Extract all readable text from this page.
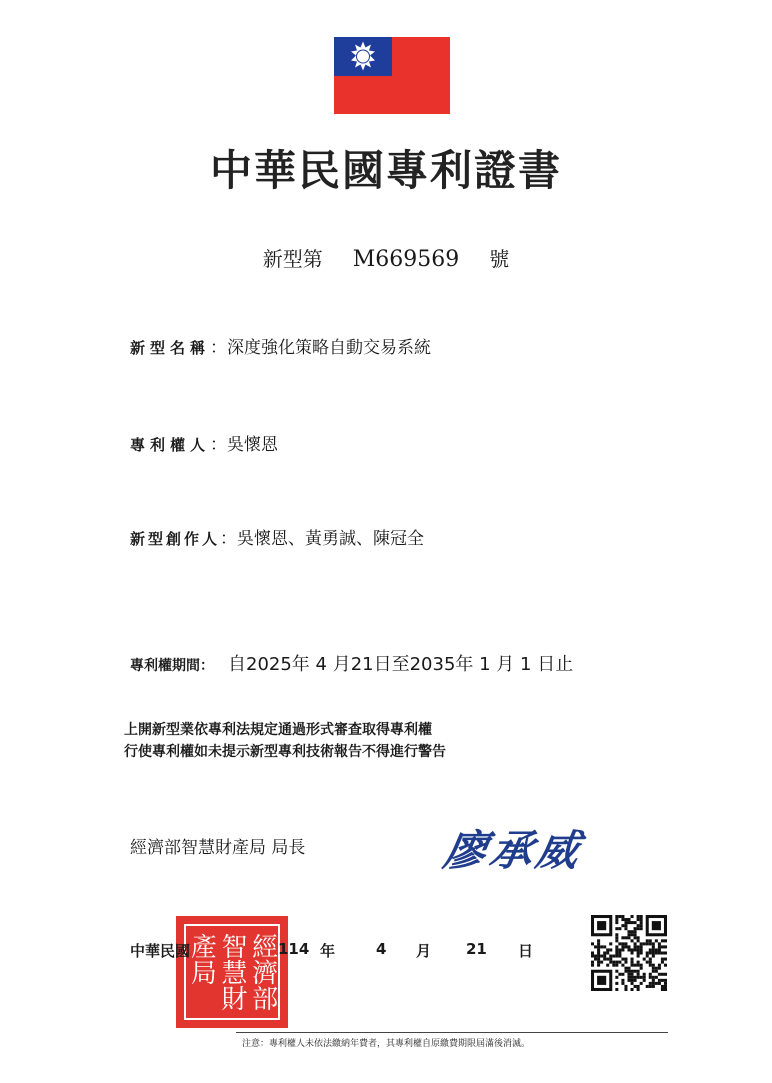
中華民國專利證書
新型第 M669569 號
新型名稱：深度強化策略自動交易系統
專利權人：吳懷恩
新型創作人：吳懷恩、黃勇誠、陳冠全
專利權期間： 自2025年 4 月21日至2035年 1 月 1 日止
上開新型業依專利法規定通過形式審查取得專利權
行使專利權如未提示新型專利技術報告不得進行警告
經濟部智慧財產局 局長	廖承威
經濟部
智慧財
產局
中華民國	114 年	4 月 21 日
注意：專利權人未依法繳納年費者，其專利權自原繳費期限屆滿後消滅。
